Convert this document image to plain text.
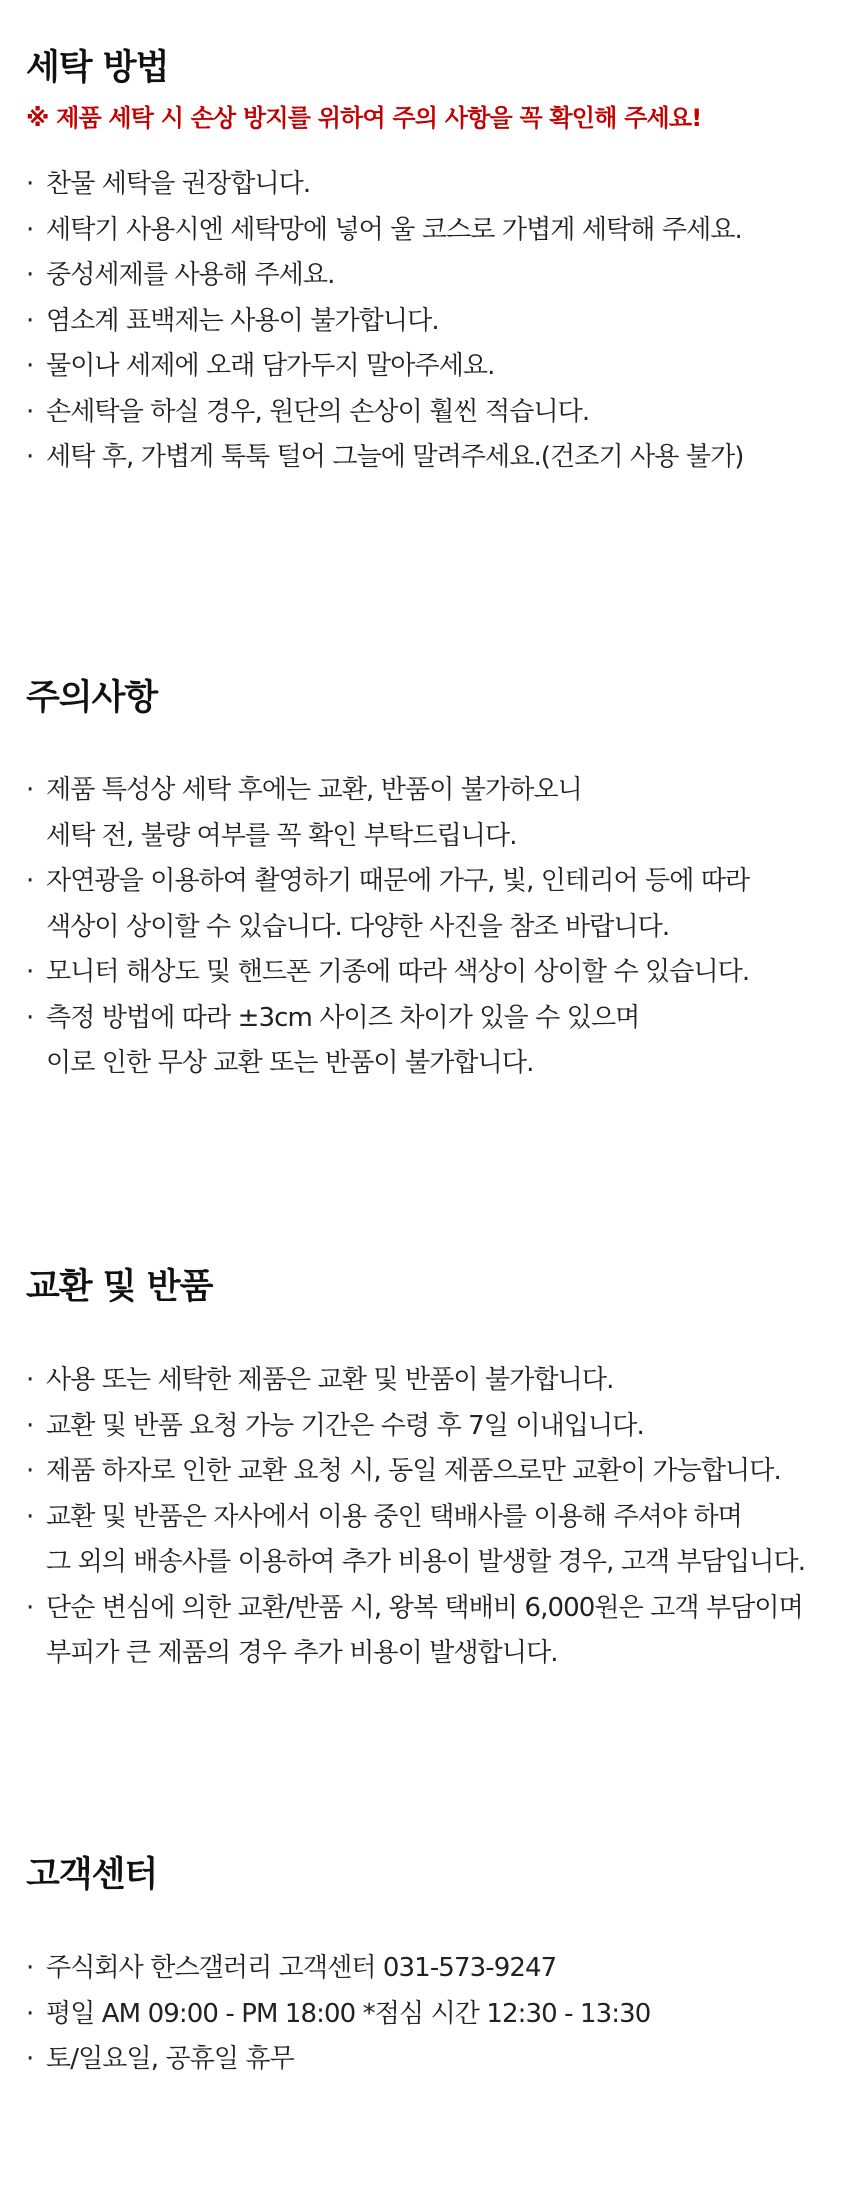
세탁 방법
※ 제품 세탁 시 손상 방지를 위하여 주의 사항을 꼭 확인해 주세요!
· 찬물 세탁을 권장합니다.
· 세탁기 사용시엔 세탁망에 넣어 울 코스로 가볍게 세탁해 주세요.
· 중성세제를 사용해 주세요.
· 염소계 표백제는 사용이 불가합니다.
· 물이나 세제에 오래 담가두지 말아주세요.
· 손세탁을 하실 경우, 원단의 손상이 훨씬 적습니다.
· 세탁 후, 가볍게 툭툭 털어 그늘에 말려주세요.(건조기 사용 불가)
주의사항
· 제품 특성상 세탁 후에는 교환, 반품이 불가하오니
세탁 전, 불량 여부를 꼭 확인 부탁드립니다.
· 자연광을 이용하여 촬영하기 때문에 가구, 빛, 인테리어 등에 따라
색상이 상이할 수 있습니다. 다양한 사진을 참조 바랍니다.
· 모니터 해상도 및 핸드폰 기종에 따라 색상이 상이할 수 있습니다.
· 측정 방법에 따라 ±3cm 사이즈 차이가 있을 수 있으며
이로 인한 무상 교환 또는 반품이 불가합니다.
교환 및 반품
· 사용 또는 세탁한 제품은 교환 및 반품이 불가합니다.
· 교환 및 반품 요청 가능 기간은 수령 후 7일 이내입니다.
· 제품 하자로 인한 교환 요청 시, 동일 제품으로만 교환이 가능합니다.
· 교환 및 반품은 자사에서 이용 중인 택배사를 이용해 주셔야 하며
그 외의 배송사를 이용하여 추가 비용이 발생할 경우, 고객 부담입니다.
· 단순 변심에 의한 교환/반품 시, 왕복 택배비 6,000원은 고객 부담이며
부피가 큰 제품의 경우 추가 비용이 발생합니다.
고객센터
· 주식회사 한스갤러리 고객센터 031-573-9247
· 평일 AM 09:00 - PM 18:00 *점심 시간 12:30 - 13:30
· 토/일요일, 공휴일 휴무
